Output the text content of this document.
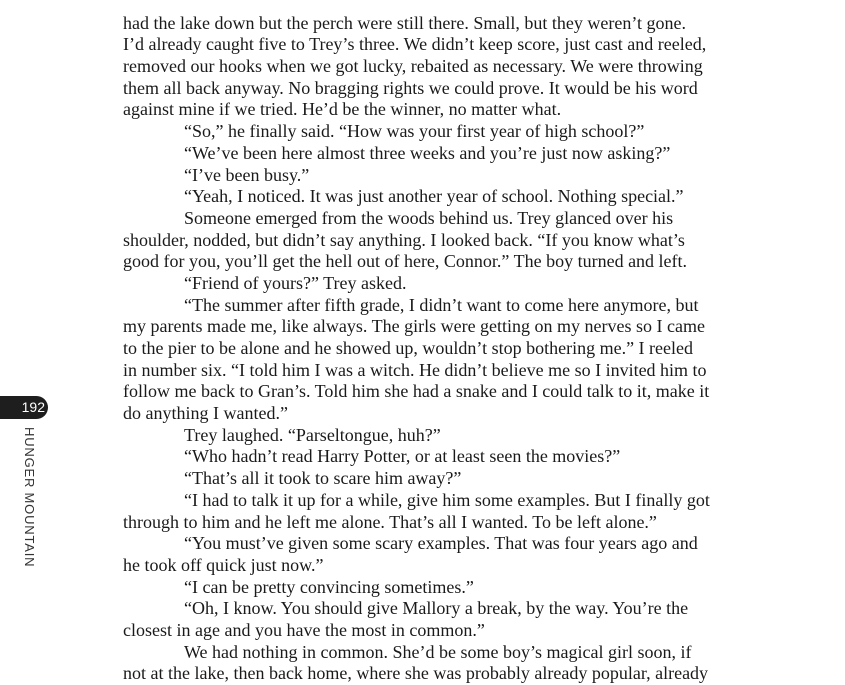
had the lake down but the perch were still there. Small, but they weren’t gone.
I’d already caught five to Trey’s three. We didn’t keep score, just cast and reeled,
removed our hooks when we got lucky, rebaited as necessary. We were throwing
them all back anyway. No bragging rights we could prove. It would be his word
against mine if we tried. He’d be the winner, no matter what.
“So,” he finally said. “How was your first year of high school?”
“We’ve been here almost three weeks and you’re just now asking?”
“I’ve been busy.”
“Yeah, I noticed. It was just another year of school. Nothing special.”
Someone emerged from the woods behind us. Trey glanced over his
shoulder, nodded, but didn’t say anything. I looked back. “If you know what’s
good for you, you’ll get the hell out of here, Connor.” The boy turned and left.
“Friend of yours?” Trey asked.
“The summer after fifth grade, I didn’t want to come here anymore, but
my parents made me, like always. The girls were getting on my nerves so I came
to the pier to be alone and he showed up, wouldn’t stop bothering me.” I reeled
in number six. “I told him I was a witch. He didn’t believe me so I invited him to
follow me back to Gran’s. Told him she had a snake and I could talk to it, make it
do anything I wanted.”
Trey laughed. “Parseltongue, huh?”
“Who hadn’t read Harry Potter, or at least seen the movies?”
“That’s all it took to scare him away?”
“I had to talk it up for a while, give him some examples. But I finally got
through to him and he left me alone. That’s all I wanted. To be left alone.”
“You must’ve given some scary examples. That was four years ago and
he took off quick just now.”
“I can be pretty convincing sometimes.”
“Oh, I know. You should give Mallory a break, by the way. You’re the
closest in age and you have the most in common.”
We had nothing in common. She’d be some boy’s magical girl soon, if
not at the lake, then back home, where she was probably already popular, already
192
HUNGER MOUNTAIN
